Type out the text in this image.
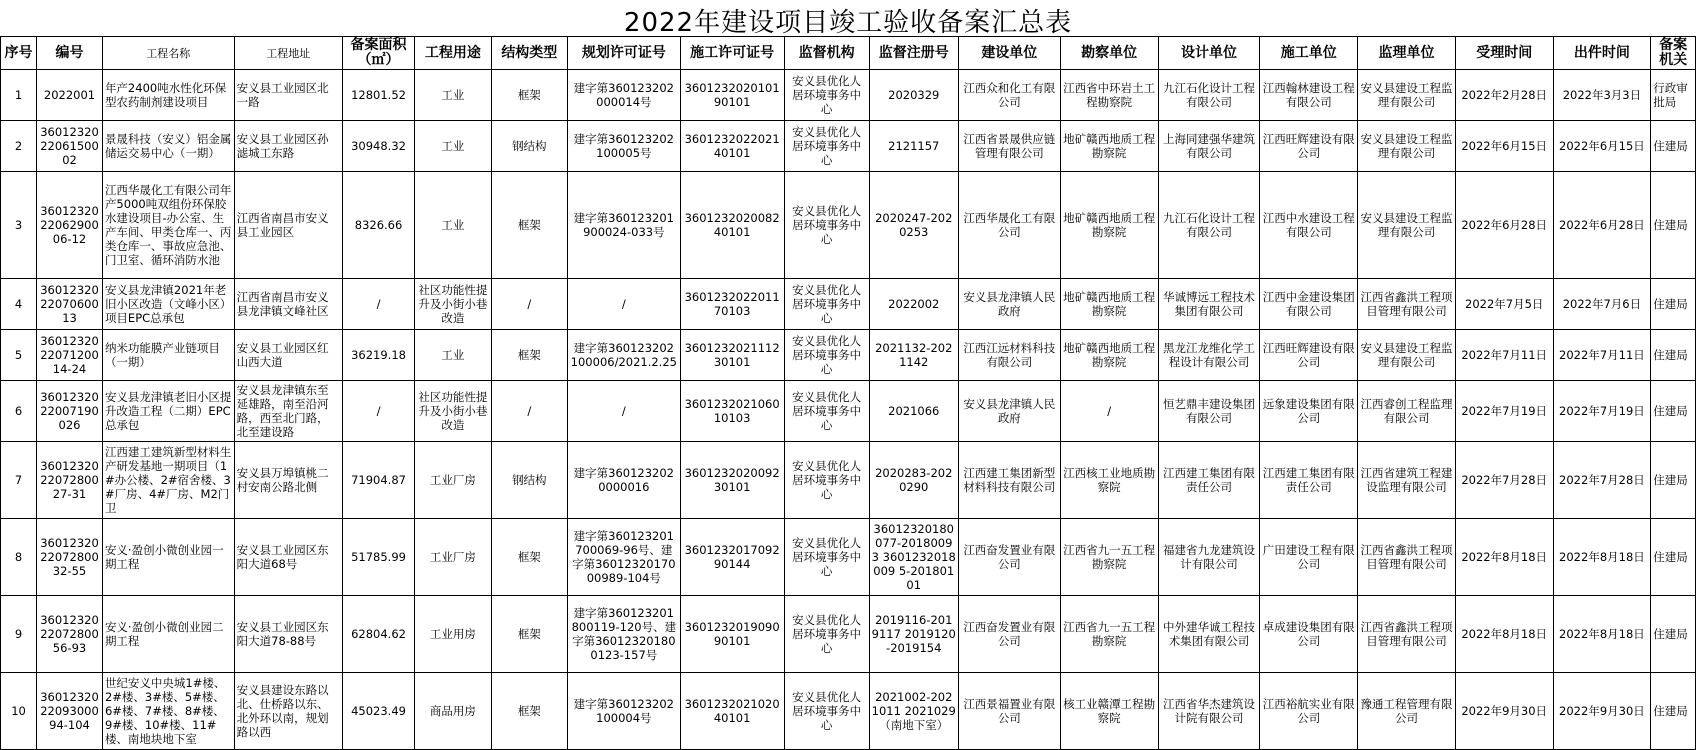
2022年建设项目竣工验收备案汇总表
序号	编号	工程名称	工程地址	备案面积（㎡）	工程用途	结构类型	规划许可证号	施工许可证号	监督机构	监督注册号	建设单位	勘察单位	设计单位	施工单位	监理单位	受理时间	出件时间	备案机关
1	2022001	年产2400吨水性化环保型农药制剂建设项目	安义县工业园区北一路	12801.52	工业	框架	建字第360123202000014号	360123202010190101	安义县优化人居环境事务中心	2020329	江西众和化工有限公司	江西省中环岩土工程勘察院	九江石化设计工程有限公司	江西翰林建设工程有限公司	安义县建设工程监理有限公司	2022年2月28日	2022年3月3日	行政审批局
2	360123202206150002	景晟科技（安义）铝金属储运交易中心（一期）	安义县工业园区孙滤城工东路	30948.32	工业	钢结构	建字第360123202100005号	360123202202140101	安义县优化人居环境事务中心	2121157	江西省景晟供应链管理有限公司	地矿赣西地质工程勘察院	上海同建强华建筑有限公司	江西旺辉建设有限公司	安义县建设工程监理有限公司	2022年6月15日	2022年6月15日	住建局
3	360123202206290006-12	江西华晟化工有限公司年产5000吨双组份环保胶水建设项目-办公室、生产车间、甲类仓库一、丙类仓库一、事故应急池、门卫室、循环消防水池	江西省南昌市安义县工业园区	8326.66	工业	框架	建字第360123201900024-033号	360123202008240101	安义县优化人居环境事务中心	2020247-2020253	江西华晟化工有限公司	地矿赣西地质工程勘察院	九江石化设计工程有限公司	江西中水建设工程有限公司	安义县建设工程监理有限公司	2022年6月28日	2022年6月28日	住建局
4	360123202207060013	安义县龙津镇2021年老旧小区改造（文峰小区）项目EPC总承包	江西省南昌市安义县龙津镇文峰社区	/	社区功能性提升及小街小巷改造	/	/	360123202201170103	安义县优化人居环境事务中心	2022002	安义县龙津镇人民政府	地矿赣西地质工程勘察院	华诚博远工程技术集团有限公司	江西中金建设集团有限公司	江西省鑫洪工程项目管理有限公司	2022年7月5日	2022年7月6日	住建局
5	360123202207120014-24	纳米功能膜产业链项目（一期）	安义县工业园区红山西大道	36219.18	工业	框架	建字第360123202100006/2021.2.25	360123202111230101	安义县优化人居环境事务中心	2021132-2021142	江西江远材料科技有限公司	地矿赣西地质工程勘察院	黑龙江龙维化学工程设计有限公司	江西旺辉建设有限公司	安义县建设工程监理有限公司	2022年7月11日	2022年7月11日	住建局
6	3601232022007190026	安义县龙津镇老旧小区提升改造工程（二期）EPC总承包	安义县龙津镇东至延雄路，南至沿河路，西至北门路，北至建设路	/	社区功能性提升及小街小巷改造	/	/	360123202106010103	安义县优化人居环境事务中心	2021066	安义县龙津镇人民政府	/	恒艺鼎丰建设集团有限公司	远象建设集团有限公司	江西睿创工程监理有限公司	2022年7月19日	2022年7月19日	住建局
7	360123202207280027-31	江西建工建筑新型材料生产研发基地一期项目（1#办公楼、2#宿舍楼、3#厂房、4#厂房、M2门卫	安义县万埠镇桃二村安南公路北侧	71904.87	工业厂房	钢结构	建字第3601232020000016	360123202009230101	安义县优化人居环境事务中心	2020283-2020290	江西建工集团新型材料科技有限公司	江西核工业地质勘察院	江西建工集团有限责任公司	江西建工集团有限责任公司	江西省建筑工程建设监理有限公司	2022年7月28日	2022年7月28日	住建局
8	360123202207280032-55	安义·盈创小微创业园一期工程	安义县工业园区东阳大道68号	51785.99	工业厂房	框架	建字第360123201700069-96号、建字第3601232017000989-104号	360123201709290144	安义县优化人居环境事务中心	36012320180077-20180093 3601232018009 5-20180101	江西奋发置业有限公司	江西省九一五工程勘察院	福建省九龙建筑设计有限公司	广田建设工程有限公司	江西省鑫洪工程项目管理有限公司	2022年8月18日	2022年8月18日	住建局
9	360123202207280056-93	安义·盈创小微创业园二期工程	安义县工业园区东阳大道78-88号	62804.62	工业用房	框架	建字第360123201800119-120号、建字第360123201800123-157号	360123201909090101	安义县优化人居环境事务中心	2019116-2019117 2019120-2019154	江西奋发置业有限公司	江西省九一五工程勘察院	中外建华诚工程技术集团有限公司	卓成建设集团有限公司	江西省鑫洪工程项目管理有限公司	2022年8月18日	2022年8月18日	住建局
10	360123202209300094-104	世纪安义中央城1#楼、2#楼、3#楼、5#楼、6#楼、7#楼、8#楼、9#楼、10#楼、11#楼、南地块地下室	安义县建设东路以北、仕桥路以东、北外环以南，规划路以西	45023.49	商品用房	框架	建字第360123202100004号	360123202102040101	安义县优化人居环境事务中心	2021002-2021011 2021029（南地下室）	江西景福置业有限公司	核工业赣潭工程勘察院	江西省华杰建筑设计院有限公司	江西裕航实业有限公司	豫通工程管理有限公司	2022年9月30日	2022年9月30日	住建局
